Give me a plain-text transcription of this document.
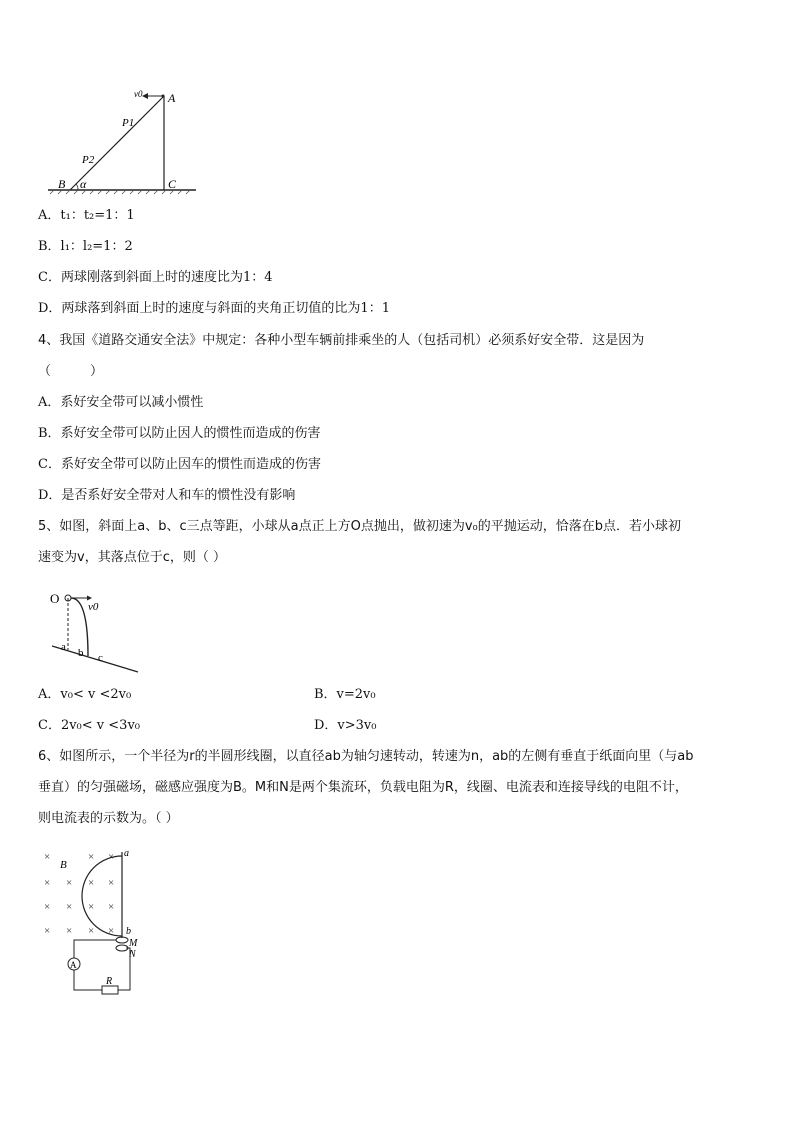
v0 A
P1
P2
B α	C
A．t₁：t₂=1：1
B．l₁：l₂=1：2
C．两球刚落到斜面上时的速度比为1：4
D．两球落到斜面上时的速度与斜面的夹角正切值的比为1：1
4、我国《道路交通安全法》中规定：各种小型车辆前排乘坐的人（包括司机）必须系好安全带．这是因为
（　　　）
A．系好安全带可以减小惯性
B．系好安全带可以防止因人的惯性而造成的伤害
C．系好安全带可以防止因车的惯性而造成的伤害
D．是否系好安全带对人和车的惯性没有影响
5、如图，斜面上a、b、c三点等距，小球从a点正上方O点抛出，做初速为v₀的平抛运动，恰落在b点．若小球初
速变为v，其落点位于c，则（ ）
O
v0
a b c
A．v₀< v <2v₀	B．v=2v₀
C．2v₀< v <3v₀	D．v>3v₀
6、如图所示，一个半径为r的半圆形线圈，以直径ab为轴匀速转动，转速为n，ab的左侧有垂直于纸面向里（与ab
垂直）的匀强磁场，磁感应强度为B。M和N是两个集流环，负载电阻为R，线圈、电流表和连接导线的电阻不计，
则电流表的示数为。（ ）
×	× ×
× × × ×
× × × ×
× × × ×
B
a
b
M
N
A
R
